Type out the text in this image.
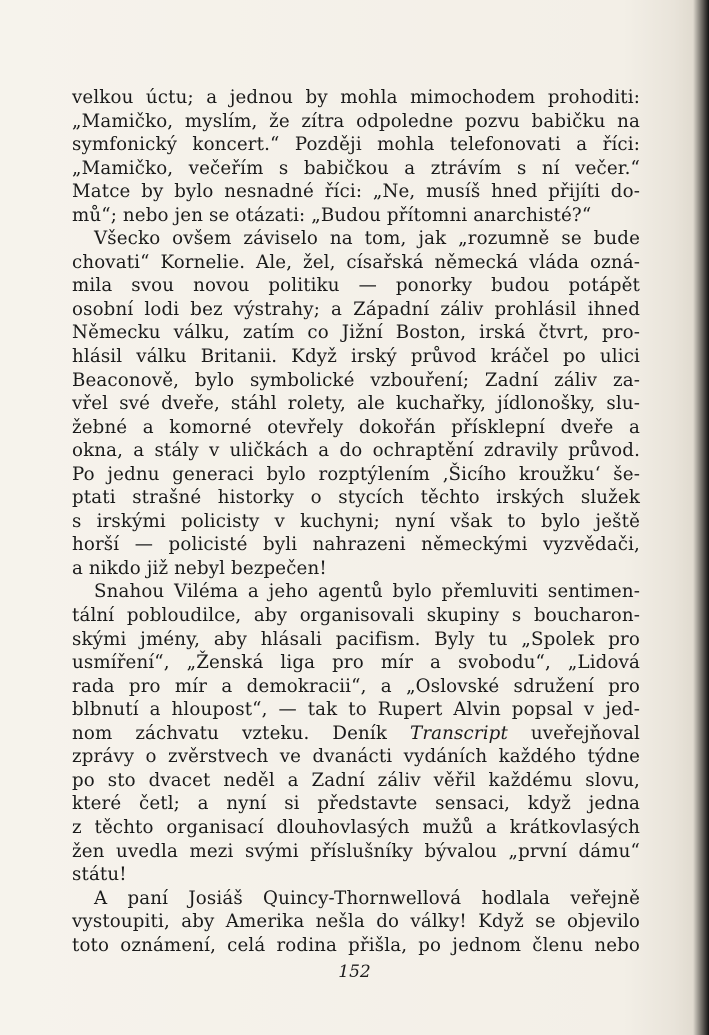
velkou úctu; a jednou by mohla mimochodem prohoditi:
„Mamičko, myslím, že zítra odpoledne pozvu babičku na
symfonický koncert.“ Později mohla telefonovati a říci:
„Mamičko, večeřím s babičkou a ztrávím s ní večer.“
Matce by bylo nesnadné říci: „Ne, musíš hned přijíti do-
mů“; nebo jen se otázati: „Budou přítomni anarchisté?“
Všecko ovšem záviselo na tom, jak „rozumně se bude
chovati“ Kornelie. Ale, žel, císařská německá vláda ozná-
mila svou novou politiku — ponorky budou potápět
osobní lodi bez výstrahy; a Západní záliv prohlásil ihned
Německu válku, zatím co Jižní Boston, irská čtvrt, pro-
hlásil válku Britanii. Když irský průvod kráčel po ulici
Beaconově, bylo symbolické vzbouření; Zadní záliv za-
vřel své dveře, stáhl rolety, ale kuchařky, jídlonošky, slu-
žebné a komorné otevřely dokořán přísklepní dveře a
okna, a stály v uličkách a do ochraptění zdravily průvod.
Po jednu generaci bylo rozptýlením ‚Šicího kroužku‘ še-
ptati strašné historky o stycích těchto irských služek
s irskými policisty v kuchyni; nyní však to bylo ještě
horší — policisté byli nahrazeni německými vyzvědači,
a nikdo již nebyl bezpečen!
Snahou Viléma a jeho agentů bylo přemluviti sentimen-
tální pobloudilce, aby organisovali skupiny s boucharon-
skými jmény, aby hlásali pacifism. Byly tu „Spolek pro
usmíření“, „Ženská liga pro mír a svobodu“, „Lidová
rada pro mír a demokracii“, a „Oslovské sdružení pro
blbnutí a hloupost“, — tak to Rupert Alvin popsal v jed-
nom záchvatu vzteku. Deník Transcript uveřejňoval
zprávy o zvěrstvech ve dvanácti vydáních každého týdne
po sto dvacet neděl a Zadní záliv věřil každému slovu,
které četl; a nyní si představte sensaci, když jedna
z těchto organisací dlouhovlasých mužů a krátkovlasých
žen uvedla mezi svými příslušníky bývalou „první dámu“
státu!
A paní Josiáš Quincy-Thornwellová hodlala veřejně
vystoupiti, aby Amerika nešla do války! Když se objevilo
toto oznámení, celá rodina přišla, po jednom členu nebo
152
